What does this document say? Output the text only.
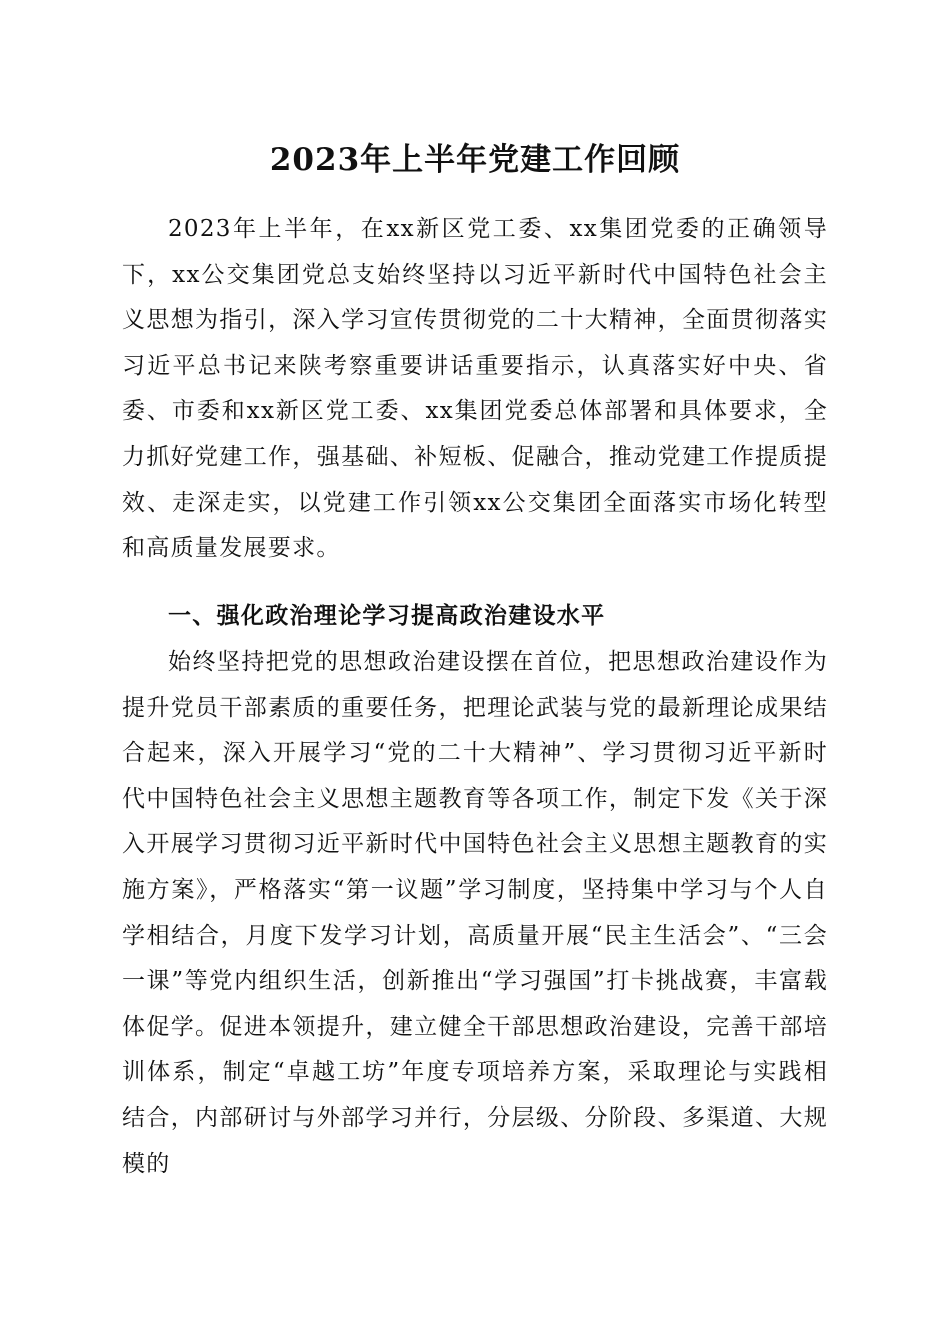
2023年上半年党建工作回顾

2023年上半年，在xx新区党工委、xx集团党委的正确领导下，xx公交集团党总支始终坚持以习近平新时代中国特色社会主义思想为指引，深入学习宣传贯彻党的二十大精神，全面贯彻落实习近平总书记来陕考察重要讲话重要指示，认真落实好中央、省委、市委和xx新区党工委、xx集团党委总体部署和具体要求，全力抓好党建工作，强基础、补短板、促融合，推动党建工作提质提效、走深走实，以党建工作引领xx公交集团全面落实市场化转型和高质量发展要求。

一、强化政治理论学习提高政治建设水平

始终坚持把党的思想政治建设摆在首位，把思想政治建设作为提升党员干部素质的重要任务，把理论武装与党的最新理论成果结合起来，深入开展学习“党的二十大精神”、学习贯彻习近平新时代中国特色社会主义思想主题教育等各项工作，制定下发《关于深入开展学习贯彻习近平新时代中国特色社会主义思想主题教育的实施方案》，严格落实“第一议题”学习制度，坚持集中学习与个人自学相结合，月度下发学习计划，高质量开展“民主生活会”、“三会一课”等党内组织生活，创新推出“学习强国”打卡挑战赛，丰富载体促学。促进本领提升，建立健全干部思想政治建设，完善干部培训体系，制定“卓越工坊”年度专项培养方案，采取理论与实践相结合，内部研讨与外部学习并行，分层级、分阶段、多渠道、大规模的
